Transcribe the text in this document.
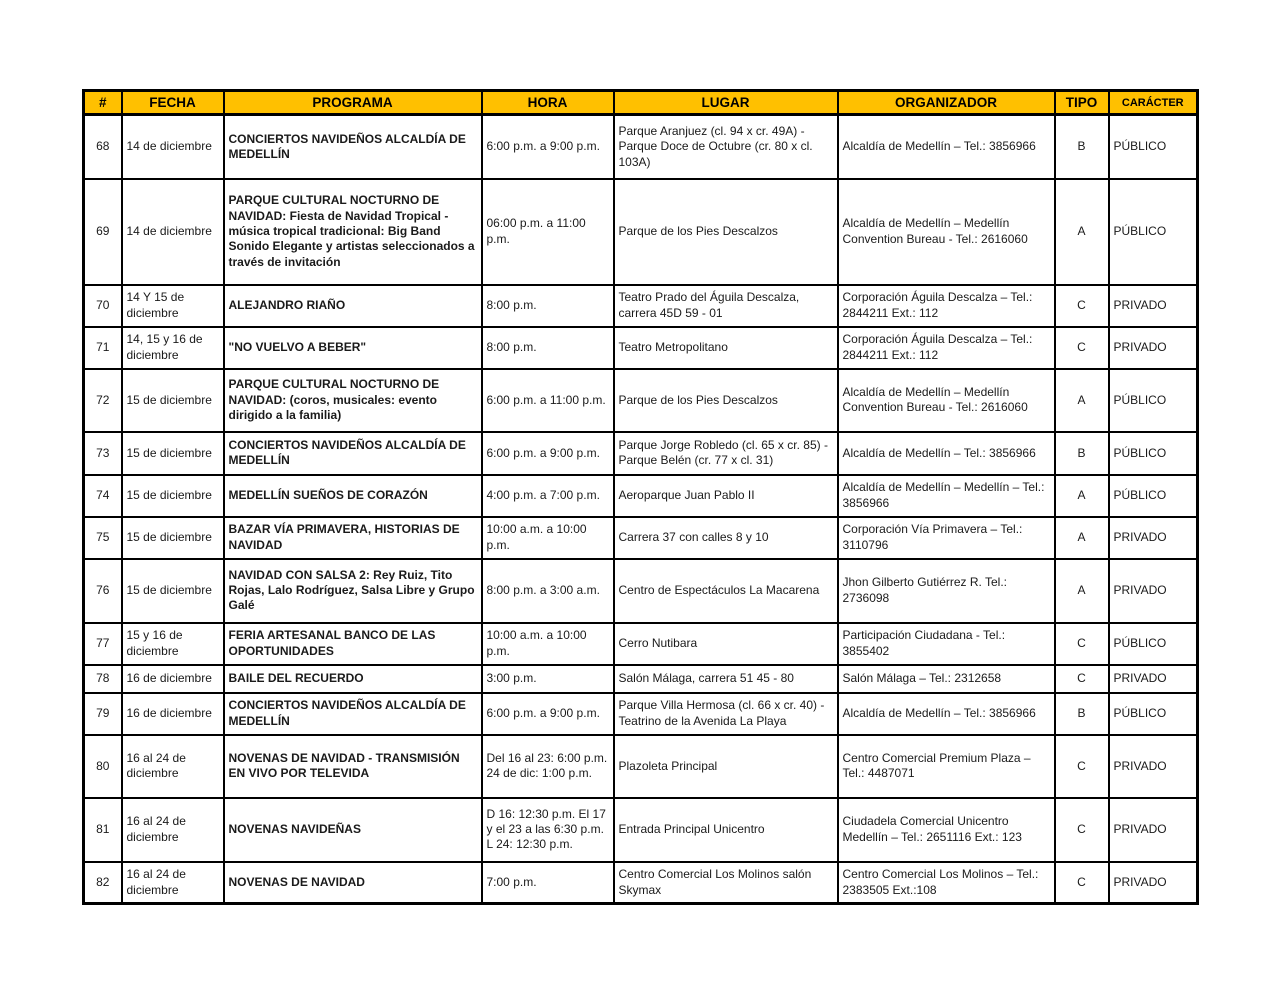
#	FECHA	PROGRAMA	HORA	LUGAR	ORGANIZADOR	TIPO	CARÁCTER
68	14 de diciembre	CONCIERTOS NAVIDEÑOS ALCALDÍA DE MEDELLÍN	6:00 p.m. a 9:00 p.m.	Parque Aranjuez (cl. 94 x cr. 49A) - Parque Doce de Octubre (cr. 80 x cl. 103A)	Alcaldía de Medellín – Tel.: 3856966	B	PÚBLICO
69	14 de diciembre	PARQUE CULTURAL NOCTURNO DE NAVIDAD: Fiesta de Navidad Tropical - música tropical tradicional: Big Band Sonido Elegante y artistas seleccionados a través de invitación	06:00 p.m. a 11:00 p.m.	Parque de los Pies Descalzos	Alcaldía de Medellín – Medellín Convention Bureau - Tel.: 2616060	A	PÚBLICO
70	14 Y 15 de diciembre	ALEJANDRO RIAÑO	8:00 p.m.	Teatro Prado del Águila Descalza, carrera 45D 59 - 01	Corporación Águila Descalza – Tel.: 2844211 Ext.: 112	C	PRIVADO
71	14, 15 y 16 de diciembre	"NO VUELVO A BEBER"	8:00 p.m.	Teatro Metropolitano	Corporación Águila Descalza – Tel.: 2844211 Ext.: 112	C	PRIVADO
72	15 de diciembre	PARQUE CULTURAL NOCTURNO DE NAVIDAD: (coros, musicales: evento dirigido a la familia)	6:00 p.m. a 11:00 p.m.	Parque de los Pies Descalzos	Alcaldía de Medellín – Medellín Convention Bureau - Tel.: 2616060	A	PÚBLICO
73	15 de diciembre	CONCIERTOS NAVIDEÑOS ALCALDÍA DE MEDELLÍN	6:00 p.m. a 9:00 p.m.	Parque Jorge Robledo (cl. 65 x cr. 85) - Parque Belén (cr. 77 x cl. 31)	Alcaldía de Medellín – Tel.: 3856966	B	PÚBLICO
74	15 de diciembre	MEDELLÍN SUEÑOS DE CORAZÓN	4:00 p.m. a 7:00 p.m.	Aeroparque Juan Pablo II	Alcaldía de Medellín – Medellín – Tel.: 3856966	A	PÚBLICO
75	15 de diciembre	BAZAR VÍA PRIMAVERA, HISTORIAS DE NAVIDAD	10:00 a.m. a 10:00 p.m.	Carrera 37 con calles 8 y 10	Corporación Vía Primavera – Tel.: 3110796	A	PRIVADO
76	15 de diciembre	NAVIDAD CON SALSA 2: Rey Ruiz, Tito Rojas, Lalo Rodríguez, Salsa Libre y Grupo Galé	8:00 p.m. a 3:00 a.m.	Centro de Espectáculos La Macarena	Jhon Gilberto Gutiérrez R. Tel.: 2736098	A	PRIVADO
77	15 y 16 de diciembre	FERIA ARTESANAL BANCO DE LAS OPORTUNIDADES	10:00 a.m. a 10:00 p.m.	Cerro Nutibara	Participación Ciudadana - Tel.: 3855402	C	PÚBLICO
78	16 de diciembre	BAILE DEL RECUERDO	3:00 p.m.	Salón Málaga, carrera 51 45 - 80	Salón Málaga – Tel.: 2312658	C	PRIVADO
79	16 de diciembre	CONCIERTOS NAVIDEÑOS ALCALDÍA DE MEDELLÍN	6:00 p.m. a 9:00 p.m.	Parque Villa Hermosa (cl. 66 x cr. 40) - Teatrino de la Avenida La Playa	Alcaldía de Medellín – Tel.: 3856966	B	PÚBLICO
80	16 al 24 de diciembre	NOVENAS DE NAVIDAD - TRANSMISIÓN EN VIVO POR TELEVIDA	Del 16 al 23: 6:00 p.m. 24 de dic: 1:00 p.m.	Plazoleta Principal	Centro Comercial Premium Plaza – Tel.: 4487071	C	PRIVADO
81	16 al 24 de diciembre	NOVENAS NAVIDEÑAS	D 16: 12:30 p.m. El 17 y el 23 a las 6:30 p.m. L 24: 12:30 p.m.	Entrada Principal Unicentro	Ciudadela Comercial Unicentro Medellín – Tel.: 2651116 Ext.: 123	C	PRIVADO
82	16 al 24 de diciembre	NOVENAS DE NAVIDAD	7:00 p.m.	Centro Comercial Los Molinos salón Skymax	Centro Comercial Los Molinos – Tel.: 2383505 Ext.:108	C	PRIVADO
